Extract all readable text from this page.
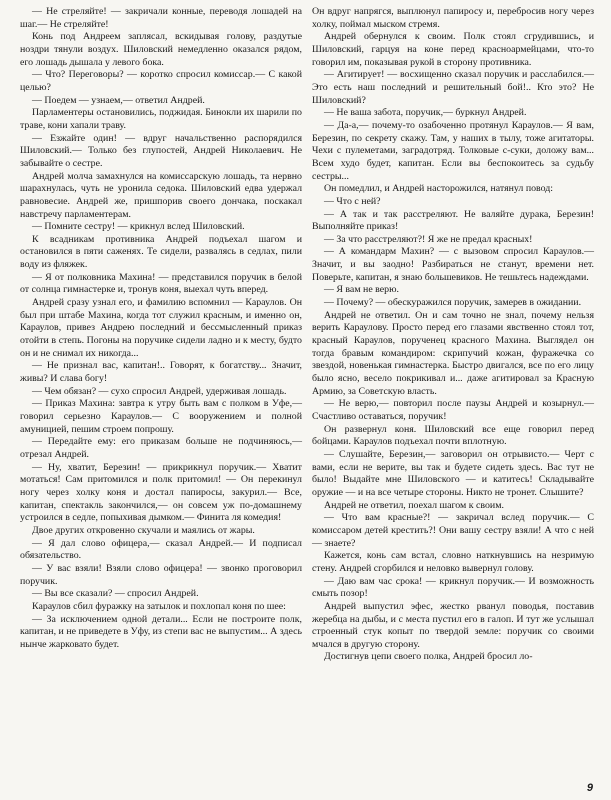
— Не стреляйте! — закричали конные, переводя лошадей на шаг.— Не стреляйте!

Конь под Андреем заплясал, вскидывая голову, раздутые ноздри тянули воздух. Шиловский немедленно оказался рядом, его лошадь дышала у левого бока.

— Что? Переговоры? — коротко спросил комиссар.— С какой целью?

— Поедем — узнаем,— ответил Андрей.

Парламентеры остановились, поджидая. Бинокли их шарили по траве, кони хапали траву.

— Езжайте один! — вдруг начальственно распорядился Шиловский.— Только без глупостей, Андрей Николаевич. Не забывайте о сестре.

Андрей молча замахнулся на комиссарскую лошадь, та нервно шарахнулась, чуть не уронила седока. Шиловский едва удержал равновесие. Андрей же, пришпорив своего дончака, поскакал навстречу парламентерам.

— Помните сестру! — крикнул вслед Шиловский.

К всадникам противника Андрей подъехал шагом и остановился в пяти саженях. Те сидели, развалясь в седлах, пили воду из фляжек.

— Я от полковника Махина! — представился поручик в белой от солнца гимнастерке и, тронув коня, выехал чуть вперед.

Андрей сразу узнал его, и фамилию вспомнил — Караулов. Он был при штабе Махина, когда тот служил красным, и именно он, Караулов, привез Андрею последний и бессмысленный приказ отойти в степь. Погоны на поручике сидели ладно и к месту, будто он и не снимал их никогда...

— Не признал вас, капитан!.. Говорят, к богатству... Значит, живы? И слава богу!

— Чем обязан? — сухо спросил Андрей, удерживая лошадь.

— Приказ Махина: завтра к утру быть вам с полком в Уфе,— говорил серьезно Караулов.— С вооружением и полной амуницией, пешим строем попрошу.

— Передайте ему: его приказам больше не подчиняюсь,— отрезал Андрей.

— Ну, хватит, Березин! — прикрикнул поручик.— Хватит мотаться! Сам притомился и полк притомил! — Он перекинул ногу через холку коня и достал папиросы, закурил.— Все, капитан, спектакль закончился,— он совсем уж по-домашнему устроился в седле, попыхивая дымком.— Финита ля комедия!

Двое других откровенно скучали и маялись от жары.

— Я дал слово офицера,— сказал Андрей.— И подписал обязательство.

— У вас взяли! Взяли слово офицера! — звонко проговорил поручик.

— Вы все сказали? — спросил Андрей.

Караулов сбил фуражку на затылок и похлопал коня по шее:

— За исключением одной детали... Если не построите полк, капитан, и не приведете в Уфу, из степи вас не выпустим... А здесь нынче жарковато будет.

Он вдруг напрягся, выплюнул папиросу и, перебросив ногу через холку, поймал мыском стремя.

Андрей обернулся к своим. Полк стоял сгрудившись, и Шиловский, гарцуя на коне перед красноармейцами, что-то говорил им, показывая рукой в сторону противника.

— Агитирует! — восхищенно сказал поручик и расслабился.— Это есть наш последний и решительный бой!.. Кто это? Не Шиловский?

— Не ваша забота, поручик,— буркнул Андрей.

— Да-а,— почему-то озабоченно протянул Караулов.— Я вам, Березин, по секрету скажу. Там, у наших в тылу, тоже агитаторы. Чехи с пулеметами, заградотряд. Толковые с-суки, доложу вам... Всем худо будет, капитан. Если вы беспокоитесь за судьбу сестры...

Он помедлил, и Андрей насторожился, натянул повод:

— Что с ней?

— А так и так расстреляют. Не валяйте дурака, Березин! Выполняйте приказ!

— За что расстреляют?! Я же не предал красных!

— А командарм Махин? — с вызовом спросил Караулов.— Значит, и вы заодно! Разбираться не станут, времени нет. Поверьте, капитан, я знаю большевиков. Не тешьтесь надеждами.

— Я вам не верю.

— Почему? — обескуражился поручик, замерев в ожидании.

Андрей не ответил. Он и сам точно не знал, почему нельзя верить Караулову. Просто перед его глазами явственно стоял тот, красный Караулов, порученец красного Махина. Выглядел он тогда бравым командиром: скрипучий кожан, фуражечка со звездой, новенькая гимнастерка. Быстро двигался, все по его лицу было ясно, весело покрикивал и... даже агитировал за Красную Армию, за Советскую власть.

— Не верю,— повторил после паузы Андрей и козырнул.— Счастливо оставаться, поручик!

Он развернул коня. Шиловский все еще говорил перед бойцами. Караулов подъехал почти вплотную.

— Слушайте, Березин,— заговорил он отрывисто.— Черт с вами, если не верите, вы так и будете сидеть здесь. Вас тут не было! Выдайте мне Шиловского — и катитесь! Складывайте оружие — и на все четыре стороны. Никто не тронет. Слышите?

Андрей не ответил, поехал шагом к своим.

— Что вам красные?! — закричал вслед поручик.— С комиссаром детей крестить?! Они вашу сестру взяли! А что с ней — знаете?

Кажется, конь сам встал, словно наткнувшись на незримую стену. Андрей сгорбился и неловко вывернул голову.

— Даю вам час срока! — крикнул поручик.— И возможность смыть позор!

Андрей выпустил эфес, жестко рванул поводья, поставив жеребца на дыбы, и с места пустил его в галоп. И тут же услышал строенный стук копыт по твердой земле: поручик со своими мчался в другую сторону.

Достигнув цепи своего полка, Андрей бросил ло-

9
